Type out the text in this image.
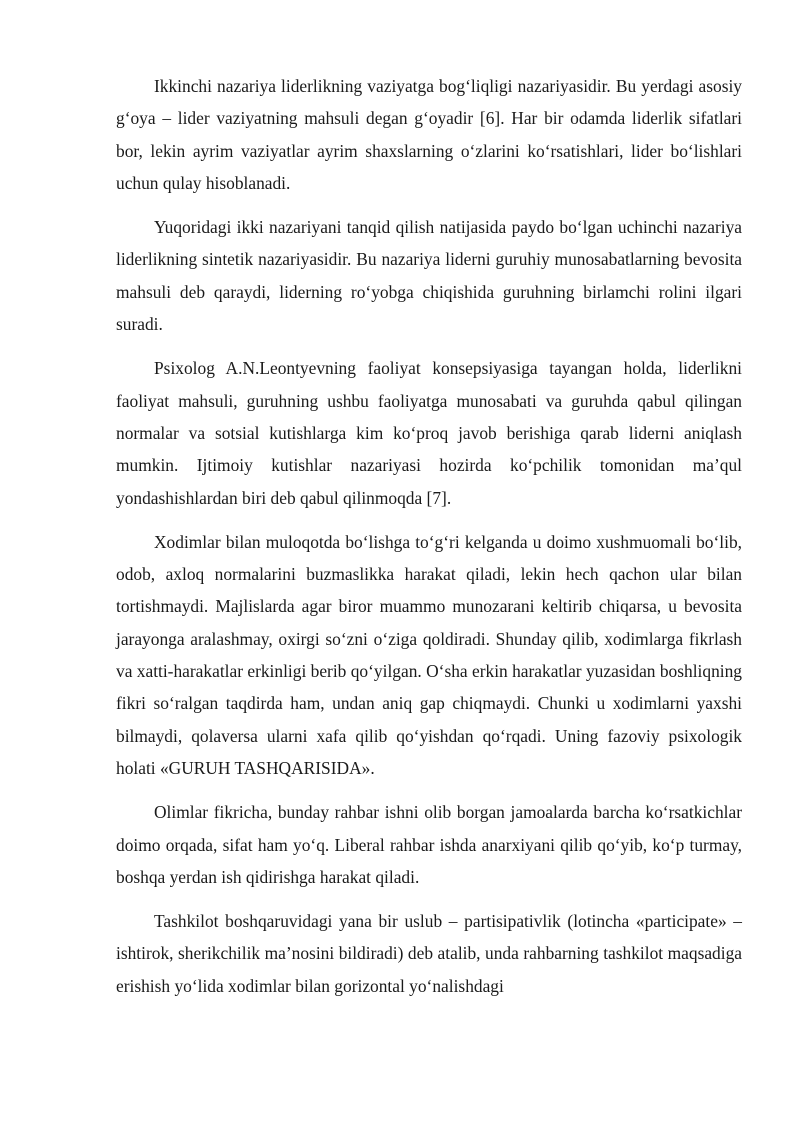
Ikkinchi nazariya liderlikning vaziyatga bog‘liqligi nazariyasidir. Bu yerdagi asosiy g‘oya – lider vaziyatning mahsuli degan g‘oyadir [6]. Har bir odamda liderlik sifatlari bor, lekin ayrim vaziyatlar ayrim shaxslarning o‘zlarini ko‘rsatishlari, lider bo‘lishlari uchun qulay hisoblanadi.

Yuqoridagi ikki nazariyani tanqid qilish natijasida paydo bo‘lgan uchinchi nazariya liderlikning sintetik nazariyasidir. Bu nazariya liderni guruhiy munosabatlarning bevosita mahsuli deb qaraydi, liderning ro‘yobga chiqishida guruhning birlamchi rolini ilgari suradi.

Psixolog A.N.Leontyevning faoliyat konsepsiyasiga tayangan holda, liderlikni faoliyat mahsuli, guruhning ushbu faoliyatga munosabati va guruhda qabul qilingan normalar va sotsial kutishlarga kim ko‘proq javob berishiga qarab liderni aniqlash mumkin. Ijtimoiy kutishlar nazariyasi hozirda ko‘pchilik tomonidan ma’qul yondashishlardan biri deb qabul qilinmoqda [7].

Xodimlar bilan muloqotda bo‘lishga to‘g‘ri kelganda u doimo xushmuomali bo‘lib, odob, axloq normalarini buzmaslikka harakat qiladi, lekin hech qachon ular bilan tortishmaydi. Majlislarda agar biror muammo munozarani keltirib chiqarsa, u bevosita jarayonga aralashmay, oxirgi so‘zni o‘ziga qoldiradi. Shunday qilib, xodimlarga fikrlash va xatti-harakatlar erkinligi berib qo‘yilgan. O‘sha erkin harakatlar yuzasidan boshliqning fikri so‘ralgan taqdirda ham, undan aniq gap chiqmaydi. Chunki u xodimlarni yaxshi bilmaydi, qolaversa ularni xafa qilib qo‘yishdan qo‘rqadi. Uning fazoviy psixologik holati «GURUH TASHQARISIDA».

Olimlar fikricha, bunday rahbar ishni olib borgan jamoalarda barcha ko‘rsatkichlar doimo orqada, sifat ham yo‘q. Liberal rahbar ishda anarxiyani qilib qo‘yib, ko‘p turmay, boshqa yerdan ish qidirishga harakat qiladi.

Tashkilot boshqaruvidagi yana bir uslub – partisipativlik (lotincha «participate» – ishtirok, sherikchilik ma’nosini bildiradi) deb atalib, unda rahbarning tashkilot maqsadiga erishish yo‘lida xodimlar bilan gorizontal yo‘nalishdagi
